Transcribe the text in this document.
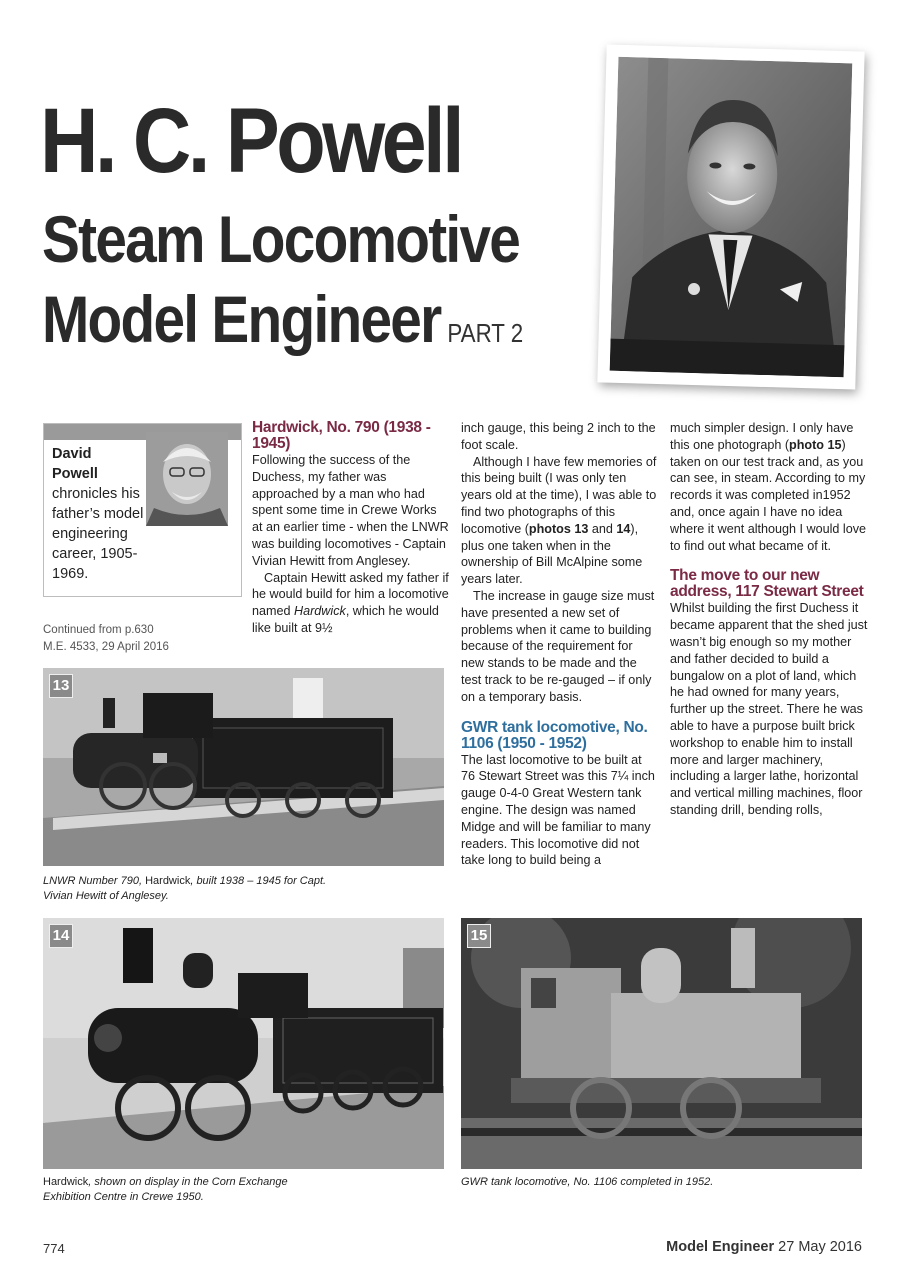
H. C. Powell
Steam Locomotive
Model Engineer PART 2
David
Powell
chronicles his father’s model engineering career, 1905-1969.
Continued from p.630
M.E. 4533, 29 April 2016
Hardwick, No. 790 (1938 - 1945)

Following the success of the Duchess, my father was approached by a man who had spent some time in Crewe Works at an earlier time - when the LNWR was building locomotives - Captain Vivian Hewitt from Anglesey.

Captain Hewitt asked my father if he would build for him a locomotive named Hardwick, which he would like built at 9½

inch gauge, this being 2 inch to the foot scale.

Although I have few memories of this being built (I was only ten years old at the time), I was able to find two photographs of this locomotive (photos 13 and 14), plus one taken when in the ownership of Bill McAlpine some years later.

The increase in gauge size must have presented a new set of problems when it came to building because of the requirement for new stands to be made and the test track to be re-gauged – if only on a temporary basis.

GWR tank locomotive, No. 1106 (1950 - 1952)

The last locomotive to be built at 76 Stewart Street was this 7¼ inch gauge 0-4-0 Great Western tank engine. The design was named Midge and will be familiar to many readers. This locomotive did not take long to build being a

much simpler design. I only have this one photograph (photo 15) taken on our test track and, as you can see, in steam. According to my records it was completed in1952 and, once again I have no idea where it went although I would love to find out what became of it.

The move to our new address, 117 Stewart Street

Whilst building the first Duchess it became apparent that the shed just wasn’t big enough so my mother and father decided to build a bungalow on a plot of land, which he had owned for many years, further up the street. There he was able to have a purpose built brick workshop to enable him to install more and larger machinery, including a larger lathe, horizontal and vertical milling machines, floor standing drill, bending rolls,

13
LNWR Number 790, Hardwick, built 1938 – 1945 for Capt. Vivian Hewitt of Anglesey.
14
Hardwick, shown on display in the Corn Exchange Exhibition Centre in Crewe 1950.
15
GWR tank locomotive, No. 1106 completed in 1952.
774	Model Engineer 27 May 2016
